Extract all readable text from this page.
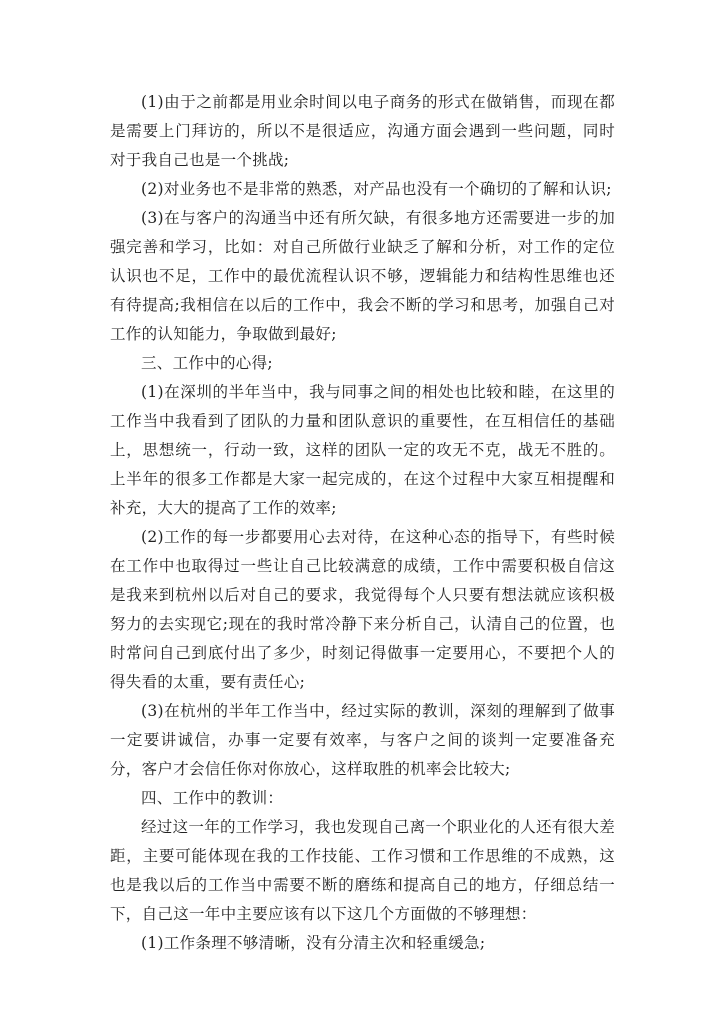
(1)由于之前都是用业余时间以电子商务的形式在做销售，而现在都是需要上门拜访的，所以不是很适应，沟通方面会遇到一些问题，同时对于我自己也是一个挑战;

(2)对业务也不是非常的熟悉，对产品也没有一个确切的了解和认识;

(3)在与客户的沟通当中还有所欠缺，有很多地方还需要进一步的加强完善和学习，比如：对自己所做行业缺乏了解和分析，对工作的定位认识也不足，工作中的最优流程认识不够，逻辑能力和结构性思维也还有待提高;我相信在以后的工作中，我会不断的学习和思考，加强自己对工作的认知能力，争取做到最好;

三、工作中的心得;

(1)在深圳的半年当中，我与同事之间的相处也比较和睦，在这里的工作当中我看到了团队的力量和团队意识的重要性，在互相信任的基础上，思想统一，行动一致，这样的团队一定的攻无不克，战无不胜的。上半年的很多工作都是大家一起完成的，在这个过程中大家互相提醒和补充，大大的提高了工作的效率;

(2)工作的每一步都要用心去对待，在这种心态的指导下，有些时候在工作中也取得过一些让自己比较满意的成绩，工作中需要积极自信这是我来到杭州以后对自己的要求，我觉得每个人只要有想法就应该积极努力的去实现它;现在的我时常冷静下来分析自己，认清自己的位置，也时常问自己到底付出了多少，时刻记得做事一定要用心，不要把个人的得失看的太重，要有责任心;

(3)在杭州的半年工作当中，经过实际的教训，深刻的理解到了做事一定要讲诚信，办事一定要有效率，与客户之间的谈判一定要准备充分，客户才会信任你对你放心，这样取胜的机率会比较大;

四、工作中的教训：

经过这一年的工作学习，我也发现自己离一个职业化的人还有很大差距，主要可能体现在我的工作技能、工作习惯和工作思维的不成熟，这也是我以后的工作当中需要不断的磨练和提高自己的地方，仔细总结一下，自己这一年中主要应该有以下这几个方面做的不够理想：

(1)工作条理不够清晰，没有分清主次和轻重缓急;
